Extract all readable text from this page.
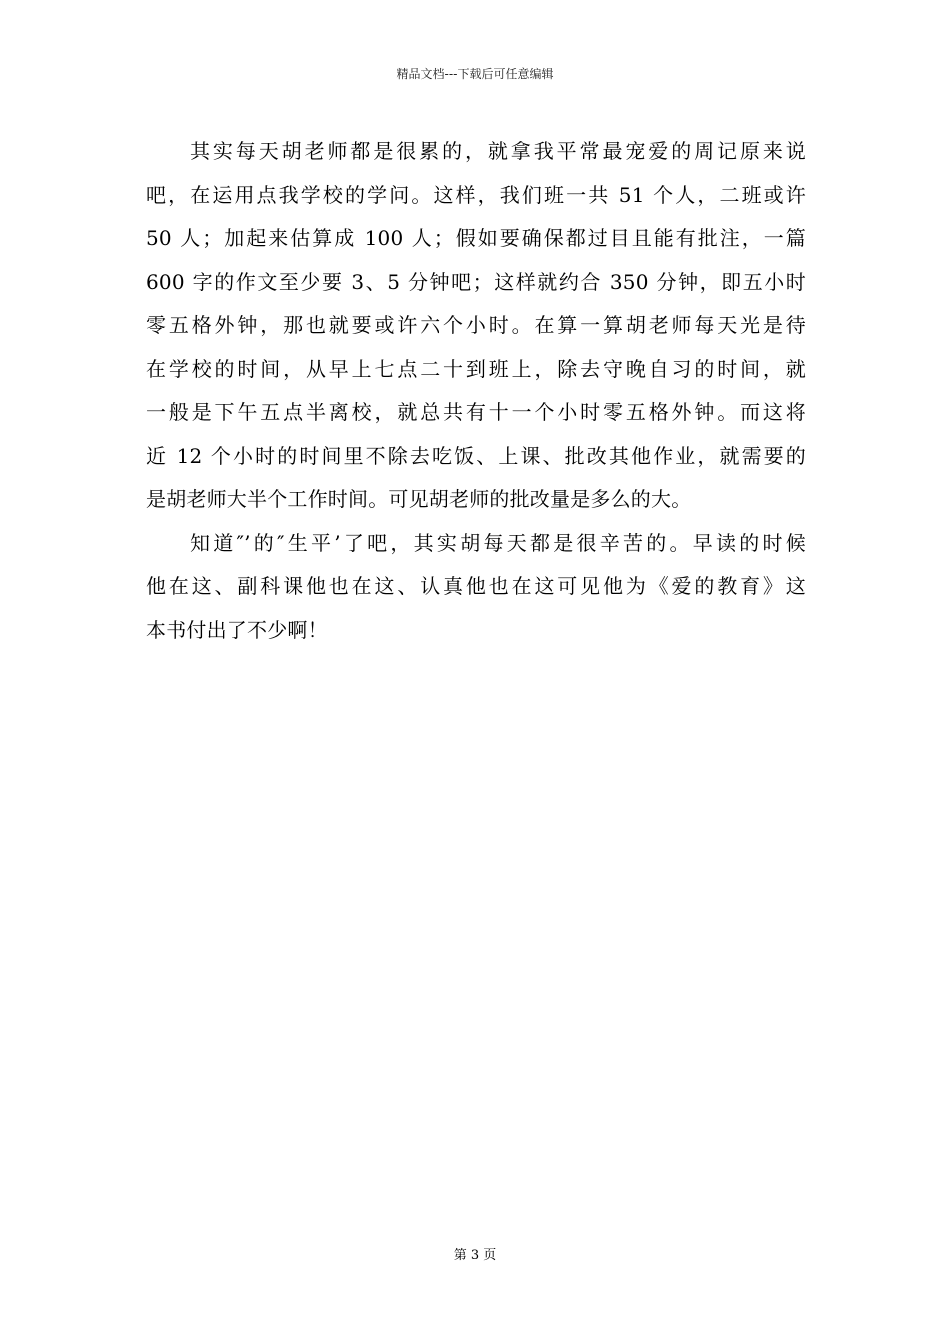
精品文档---下载后可任意编辑
其实每天胡老师都是很累的，就拿我平常最宠爱的周记原来说
吧，在运用点我学校的学问。这样，我们班一共 51 个人，二班或许
50 人；加起来估算成 100 人；假如要确保都过目且能有批注，一篇
600 字的作文至少要 3、5 分钟吧；这样就约合 350 分钟，即五小时
零五格外钟，那也就要或许六个小时。在算一算胡老师每天光是待
在学校的时间，从早上七点二十到班上，除去守晚自习的时间，就
一般是下午五点半离校，就总共有十一个小时零五格外钟。而这将
近 12 个小时的时间里不除去吃饭、上课、批改其他作业，就需要的
是胡老师大半个工作时间。可见胡老师的批改量是多么的大。
知道″’的″生平’了吧，其实胡每天都是很辛苦的。早读的时候
他在这、副科课他也在这、认真他也在这可见他为《爱的教育》这
本书付出了不少啊！
第 3 页
